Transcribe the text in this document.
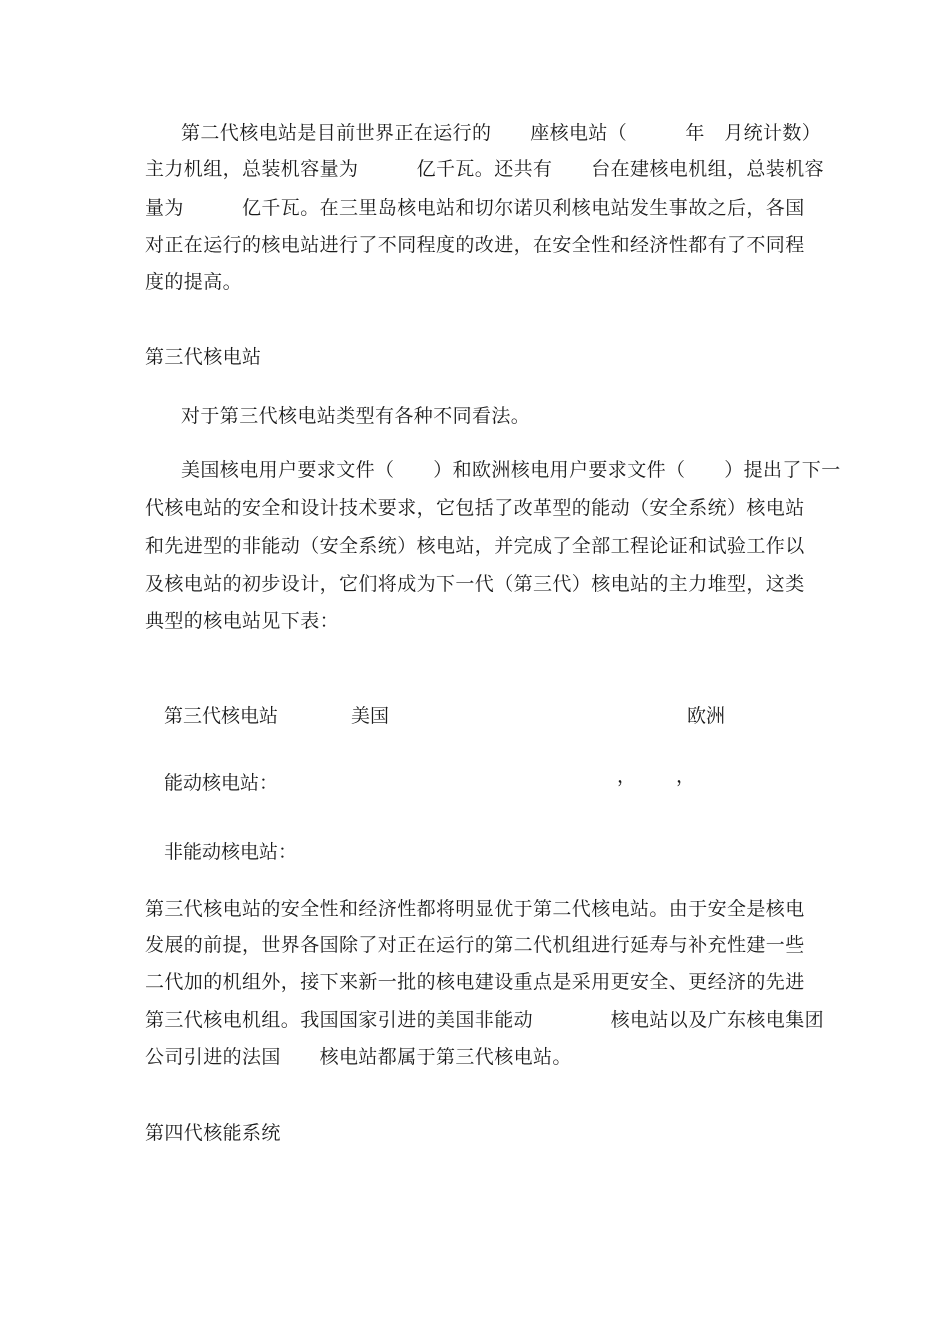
第二代核电站是目前世界正在运行的　　座核电站（　　　年　月统计数）
主力机组，总装机容量为　　　亿千瓦。还共有　　台在建核电机组，总装机容
量为　　　亿千瓦。在三里岛核电站和切尔诺贝利核电站发生事故之后，各国
对正在运行的核电站进行了不同程度的改进，在安全性和经济性都有了不同程
度的提高。
第三代核电站
对于第三代核电站类型有各种不同看法。
美国核电用户要求文件（　　）和欧洲核电用户要求文件（　　）提出了下一
代核电站的安全和设计技术要求，它包括了改革型的能动（安全系统）核电站
和先进型的非能动（安全系统）核电站，并完成了全部工程论证和试验工作以
及核电站的初步设计，它们将成为下一代（第三代）核电站的主力堆型，这类
典型的核电站见下表：
第三代核电站	美国	欧洲
能动核电站：	， ，
非能动核电站：
第三代核电站的安全性和经济性都将明显优于第二代核电站。由于安全是核电
发展的前提，世界各国除了对正在运行的第二代机组进行延寿与补充性建一些
二代加的机组外，接下来新一批的核电建设重点是采用更安全、更经济的先进
第三代核电机组。我国国家引进的美国非能动　　　　核电站以及广东核电集团
公司引进的法国　　核电站都属于第三代核电站。
第四代核能系统
